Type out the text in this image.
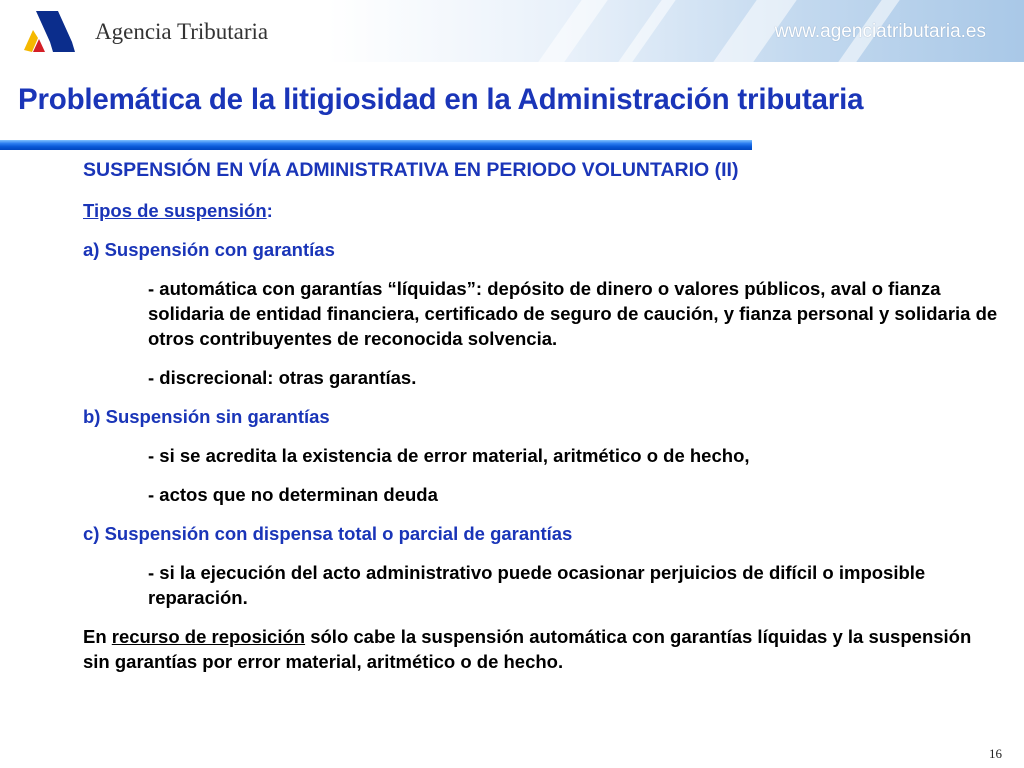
Agencia Tributaria	www.agenciatributaria.es
Problemática de la litigiosidad en la Administración tributaria

SUSPENSIÓN EN VÍA ADMINISTRATIVA EN PERIODO VOLUNTARIO (II)

Tipos de suspensión:

a) Suspensión con garantías

- automática con garantías “líquidas”: depósito de dinero o valores públicos, aval o fianza solidaria de entidad financiera, certificado de seguro de caución, y fianza personal y solidaria de otros contribuyentes de reconocida solvencia.

- discrecional: otras garantías.

b) Suspensión sin garantías

- si se acredita la existencia de error material, aritmético o de hecho,

- actos que no determinan deuda

c) Suspensión con dispensa total o parcial de garantías

- si la ejecución del acto administrativo puede ocasionar perjuicios de difícil o imposible reparación.

En recurso de reposición sólo cabe la suspensión automática con garantías líquidas y la suspensión sin garantías por error material, aritmético o de hecho.

16
